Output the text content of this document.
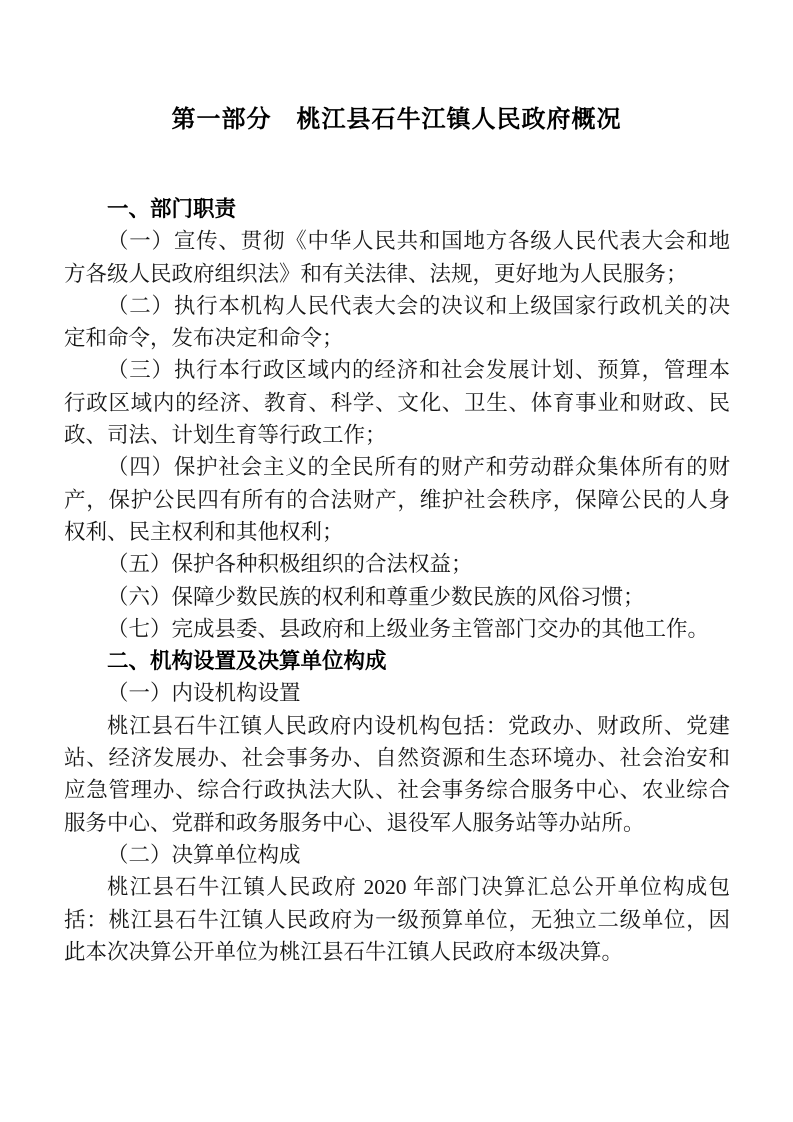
第一部分　桃江县石牛江镇人民政府概况
一、部门职责

（一）宣传、贯彻《中华人民共和国地方各级人民代表大会和地方各级人民政府组织法》和有关法律、法规，更好地为人民服务；

（二）执行本机构人民代表大会的决议和上级国家行政机关的决定和命令，发布决定和命令；

（三）执行本行政区域内的经济和社会发展计划、预算，管理本行政区域内的经济、教育、科学、文化、卫生、体育事业和财政、民政、司法、计划生育等行政工作；

（四）保护社会主义的全民所有的财产和劳动群众集体所有的财产，保护公民四有所有的合法财产，维护社会秩序，保障公民的人身权利、民主权利和其他权利；

（五）保护各种积极组织的合法权益；

（六）保障少数民族的权利和尊重少数民族的风俗习惯；

（七）完成县委、县政府和上级业务主管部门交办的其他工作。

二、机构设置及决算单位构成

（一）内设机构设置

桃江县石牛江镇人民政府内设机构包括：党政办、财政所、党建站、经济发展办、社会事务办、自然资源和生态环境办、社会治安和应急管理办、综合行政执法大队、社会事务综合服务中心、农业综合服务中心、党群和政务服务中心、退役军人服务站等办站所。

（二）决算单位构成

桃江县石牛江镇人民政府 2020 年部门决算汇总公开单位构成包括：桃江县石牛江镇人民政府为一级预算单位，无独立二级单位，因此本次决算公开单位为桃江县石牛江镇人民政府本级决算。
